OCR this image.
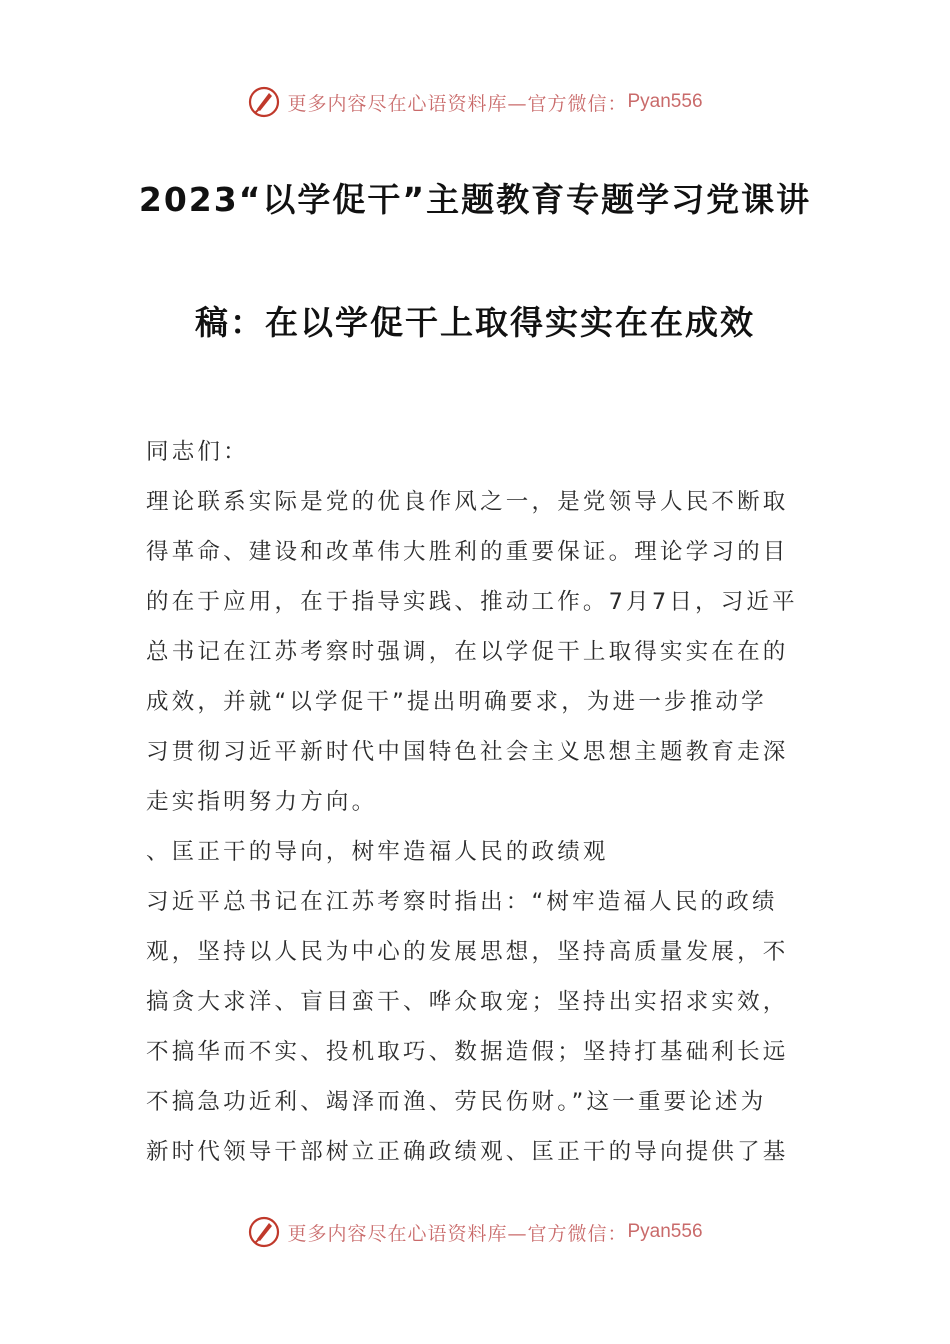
更多内容尽在心语资料库—官方微信： Pyan556
2023“以学促干”主题教育专题学习党课讲
稿：在以学促干上取得实实在在成效
同志们：
理论联系实际是党的优良作风之一，是党领导人民不断取
得革命、建设和改革伟大胜利的重要保证。理论学习的目
的在于应用，在于指导实践、推动工作。7月7日，习近平
总书记在江苏考察时强调，在以学促干上取得实实在在的
成效，并就“以学促干”提出明确要求，为进一步推动学
习贯彻习近平新时代中国特色社会主义思想主题教育走深
走实指明努力方向。
、匡正干的导向，树牢造福人民的政绩观
习近平总书记在江苏考察时指出：“树牢造福人民的政绩
观，坚持以人民为中心的发展思想，坚持高质量发展，不
搞贪大求洋、盲目蛮干、哗众取宠；坚持出实招求实效，
不搞华而不实、投机取巧、数据造假；坚持打基础利长远
不搞急功近利、竭泽而渔、劳民伤财。”这一重要论述为
新时代领导干部树立正确政绩观、匡正干的导向提供了基
更多内容尽在心语资料库—官方微信： Pyan556
